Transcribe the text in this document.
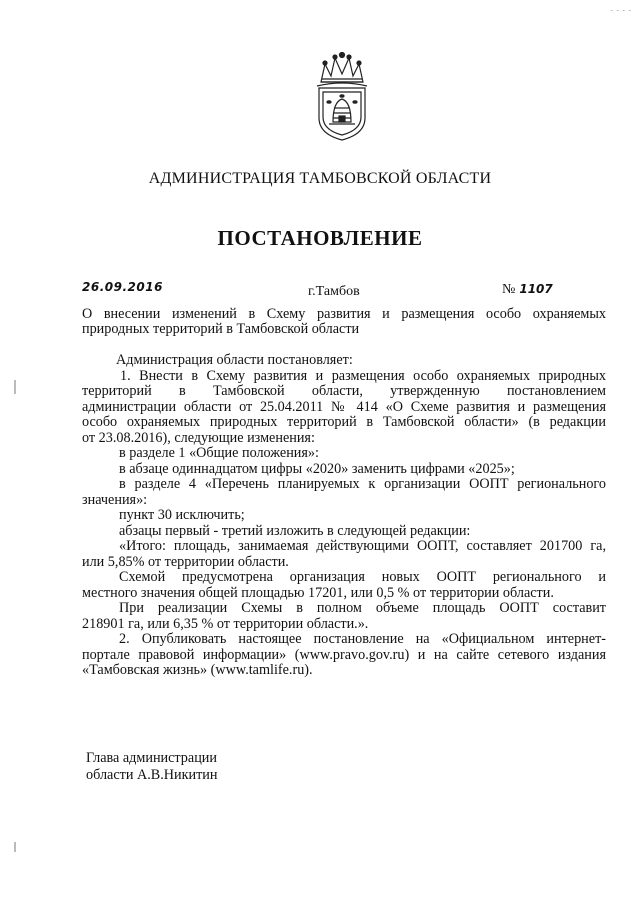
‐ ‐ ‐ ‐
АДМИНИСТРАЦИЯ ТАМБОВСКОЙ ОБЛАСТИ
ПОСТАНОВЛЕНИЕ
26.09.2016	г.Тамбов	№ 1107
О внесении изменений в Схему развития и размещения особо охраняемых
природных территорий в Тамбовской области

Администрация области постановляет:

1. Внести в Схему развития и размещения особо охраняемых природных
территорий в Тамбовской области, утвержденную постановлением
администрации области от 25.04.2011 № 414 «О Схеме развития и размещения
особо охраняемых природных территорий в Тамбовской области» (в редакции

от 23.08.2016), следующие изменения:

в разделе 1 «Общие положения»:

в абзаце одиннадцатом цифры «2020» заменить цифрами «2025»;

в разделе 4 «Перечень планируемых к организации ООПТ регионального

значения»:

пункт 30 исключить;

абзацы первый - третий изложить в следующей редакции:

«Итого: площадь, занимаемая действующими ООПТ, составляет 201700 га,

или 5,85% от территории области.

Схемой предусмотрена организация новых ООПТ регионального и

местного значения общей площадью 17201, или 0,5 % от территории области.

При реализации Схемы в полном объеме площадь ООПТ составит

218901 га, или 6,35 % от территории области.».

2. Опубликовать настоящее постановление на «Официальном интернет-
портале правовой информации» (www.pravo.gov.ru) и на сайте сетевого издания

«Тамбовская жизнь» (www.tamlife.ru).

Глава администрации
области А.В.Никитин
